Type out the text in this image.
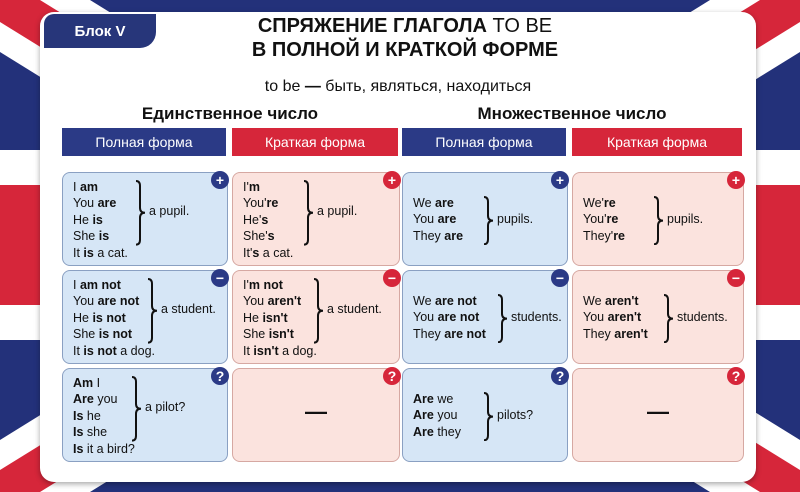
Блок V	СПРЯЖЕНИЕ ГЛАГОЛА TO BE
В ПОЛНОЙ И КРАТКОЙ ФОРМЕ
to be — быть, являться, находиться
Единственное число	Множественное число
Полная форма	Краткая форма	Полная форма	Краткая форма
+
I am
You are
He is
She is
It is a cat.
a pupil.
+
I'm
You're
He's
She's
It's a cat.
a pupil.
+
We are
You are
They are
pupils.
+
We're
You're
They're
pupils.
−
I am not
You are not
He is not
She is not
It is not a dog.
a student.
−
I'm not
You aren't
He isn't
She isn't
It isn't a dog.
a student.
−
We are not
You are not
They are not
students.
−
We aren't
You aren't
They aren't
students.
?
Am I
Are you
Is he
Is she
Is it a bird?
a pilot?
?
—
?
Are we
Are you
Are they
pilots?
?
—
